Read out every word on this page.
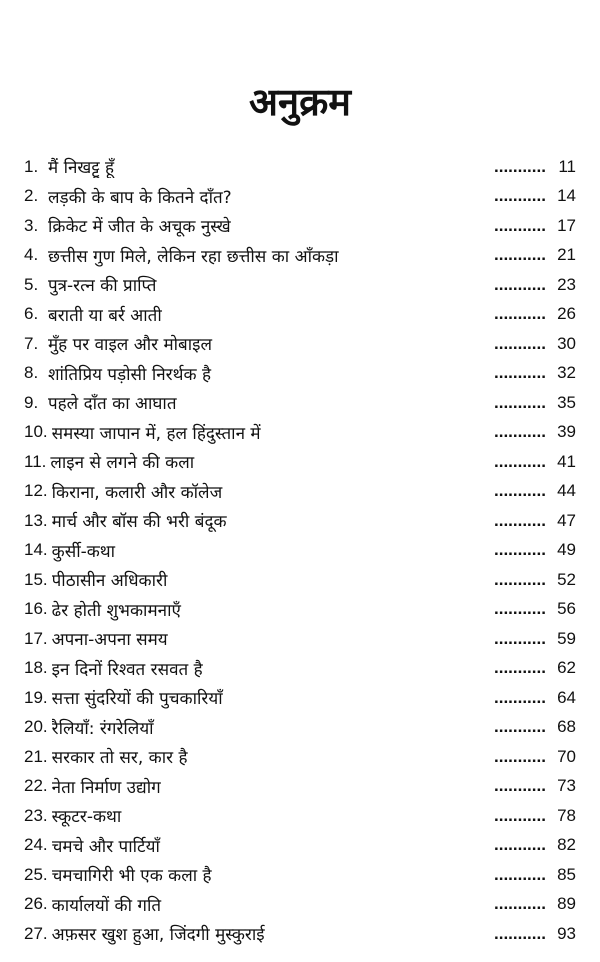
अनुक्रम
1. मैं निखट्टू हूँ	........... 11
2. लड़की के बाप के कितने दाँत?	........... 14
3. क्रिकेट में जीत के अचूक नुस्खे	........... 17
4. छत्तीस गुण मिले, लेकिन रहा छत्तीस का आँकड़ा	........... 21
5. पुत्र-रत्न की प्राप्ति	........... 23
6. बराती या बर्र आती	........... 26
7. मुँह पर वाइल और मोबाइल	........... 30
8. शांतिप्रिय पड़ोसी निरर्थक है	........... 32
9. पहले दाँत का आघात	........... 35
10. समस्या जापान में, हल हिंदुस्तान में	........... 39
11. लाइन से लगने की कला	........... 41
12. किराना, कलारी और कॉलेज	........... 44
13. मार्च और बॉस की भरी बंदूक	........... 47
14. कुर्सी-कथा	........... 49
15. पीठासीन अधिकारी	........... 52
16. ढेर होती शुभकामनाएँ	........... 56
17. अपना-अपना समय	........... 59
18. इन दिनों रिश्वत रसवत है	........... 62
19. सत्ता सुंदरियों की पुचकारियाँ	........... 64
20. रैलियाँ: रंगरेलियाँ	........... 68
21. सरकार तो सर, कार है	........... 70
22. नेता निर्माण उद्योग	........... 73
23. स्कूटर-कथा	........... 78
24. चमचे और पार्टियाँ	........... 82
25. चमचागिरी भी एक कला है	........... 85
26. कार्यालयों की गति	........... 89
27. अफ़सर खुश हुआ, जिंदगी मुस्कुराई	........... 93
